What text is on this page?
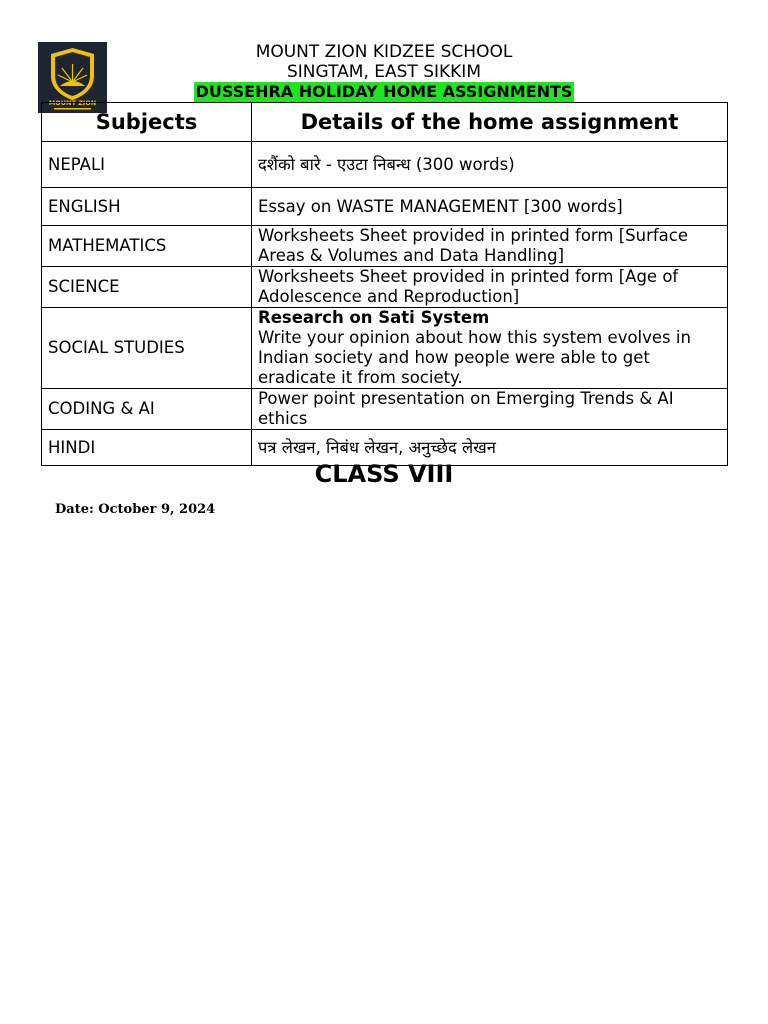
MOUNT ZION
MOUNT ZION KIDZEE SCHOOL
SINGTAM, EAST SIKKIM
DUSSEHRA HOLIDAY HOME ASSIGNMENTS
Subjects	Details of the home assignment
NEPALI	दशैंको बारे - एउटा निबन्ध (300 words)
ENGLISH	Essay on WASTE MANAGEMENT [300 words]
MATHEMATICS	Worksheets Sheet provided in printed form [Surface Areas & Volumes and Data Handling]
SCIENCE	Worksheets Sheet provided in printed form [Age of Adolescence and Reproduction]
SOCIAL STUDIES	Research on Sati System
Write your opinion about how this system evolves in Indian society and how people were able to get eradicate it from society.
CODING & AI	Power point presentation on Emerging Trends & AI ethics
HINDI	पत्र लेखन, निबंध लेखन, अनुच्छेद लेखन
CLASS VIII
Date: October 9, 2024
